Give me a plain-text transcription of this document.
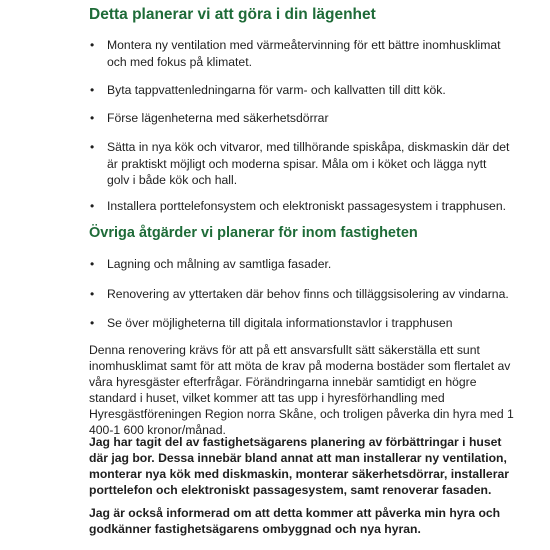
Detta planerar vi att göra i din lägenhet
• Montera ny ventilation med värmeåtervinning för ett bättre inomhusklimat och med fokus på klimatet.
• Byta tappvattenledningarna för varm- och kallvatten till ditt kök.
• Förse lägenheterna med säkerhetsdörrar
• Sätta in nya kök och vitvaror, med tillhörande spiskåpa, diskmaskin där det är praktiskt möjligt och moderna spisar. Måla om i köket och lägga nytt golv i både kök och hall.
• Installera porttelefonsystem och elektroniskt passagesystem i trapphusen.
Övriga åtgärder vi planerar för inom fastigheten
• Lagning och målning av samtliga fasader.
• Renovering av yttertaken där behov finns och tilläggsisolering av vindarna.
• Se över möjligheterna till digitala informationstavlor i trapphusen

Denna renovering krävs för att på ett ansvarsfullt sätt säkerställa ett sunt inomhusklimat samt för att möta de krav på moderna bostäder som flertalet av våra hyresgäster efterfrågar. Förändringarna innebär samtidigt en högre standard i huset, vilket kommer att tas upp i hyresförhandling med Hyresgästföreningen Region norra Skåne, och troligen påverka din hyra med 1 400-1 600 kronor/månad.

Jag har tagit del av fastighetsägarens planering av förbättringar i huset där jag bor. Dessa innebär bland annat att man installerar ny ventilation, monterar nya kök med diskmaskin, monterar säkerhetsdörrar, installerar porttelefon och elektroniskt passagesystem, samt renoverar fasaden.

Jag är också informerad om att detta kommer att påverka min hyra och godkänner fastighetsägarens ombyggnad och nya hyran.
